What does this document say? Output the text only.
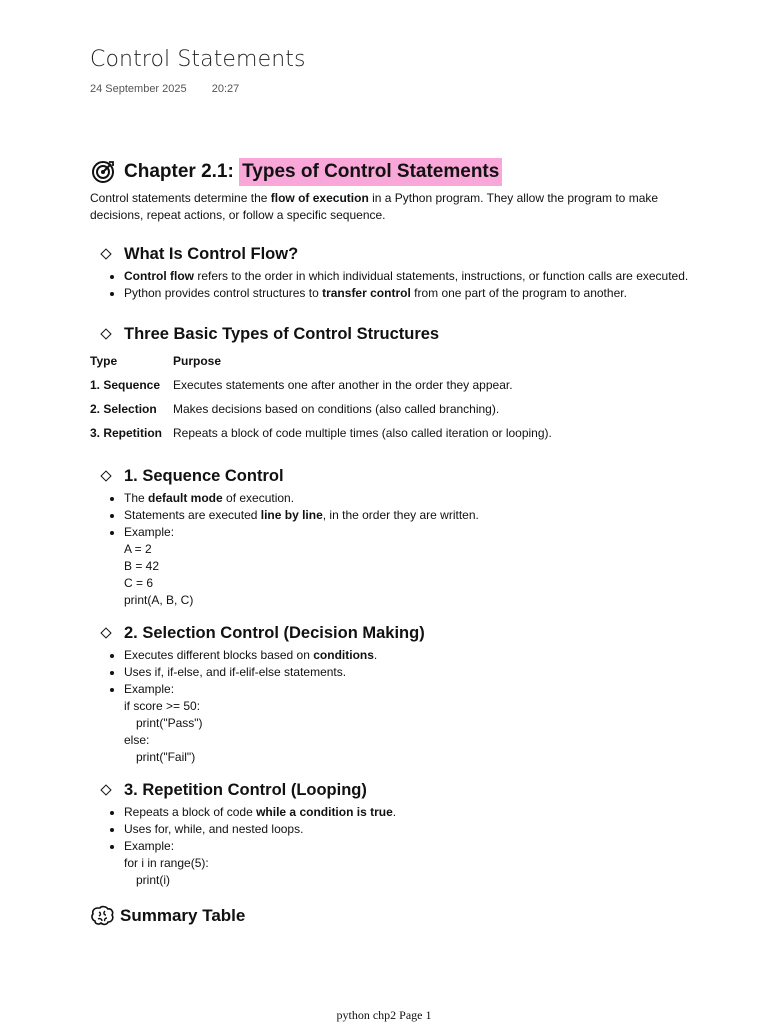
Control Statements
24 September 2025 20:27
Chapter 2.1: Types of Control Statements

Control statements determine the flow of execution in a Python program. They allow the program to make decisions, repeat actions, or follow a specific sequence.

What Is Control Flow?
• Control flow refers to the order in which individual statements, instructions, or function calls are executed.
• Python provides control structures to transfer control from one part of the program to another.
Three Basic Types of Control Structures
Type	Purpose
1. Sequence	Executes statements one after another in the order they appear.
2. Selection	Makes decisions based on conditions (also called branching).
3. Repetition	Repeats a block of code multiple times (also called iteration or looping).
1. Sequence Control
• The default mode of execution.
• Statements are executed line by line, in the order they are written.
• Example:
A = 2
B = 42
C = 6
print(A, B, C)
2. Selection Control (Decision Making)
• Executes different blocks based on conditions.
• Uses if, if-else, and if-elif-else statements.
• Example:
if score >= 50:
print("Pass")
else:
print("Fail")
3. Repetition Control (Looping)
• Repeats a block of code while a condition is true.
• Uses for, while, and nested loops.
• Example:
for i in range(5):
print(i)
Summary Table
python chp2 Page 1
